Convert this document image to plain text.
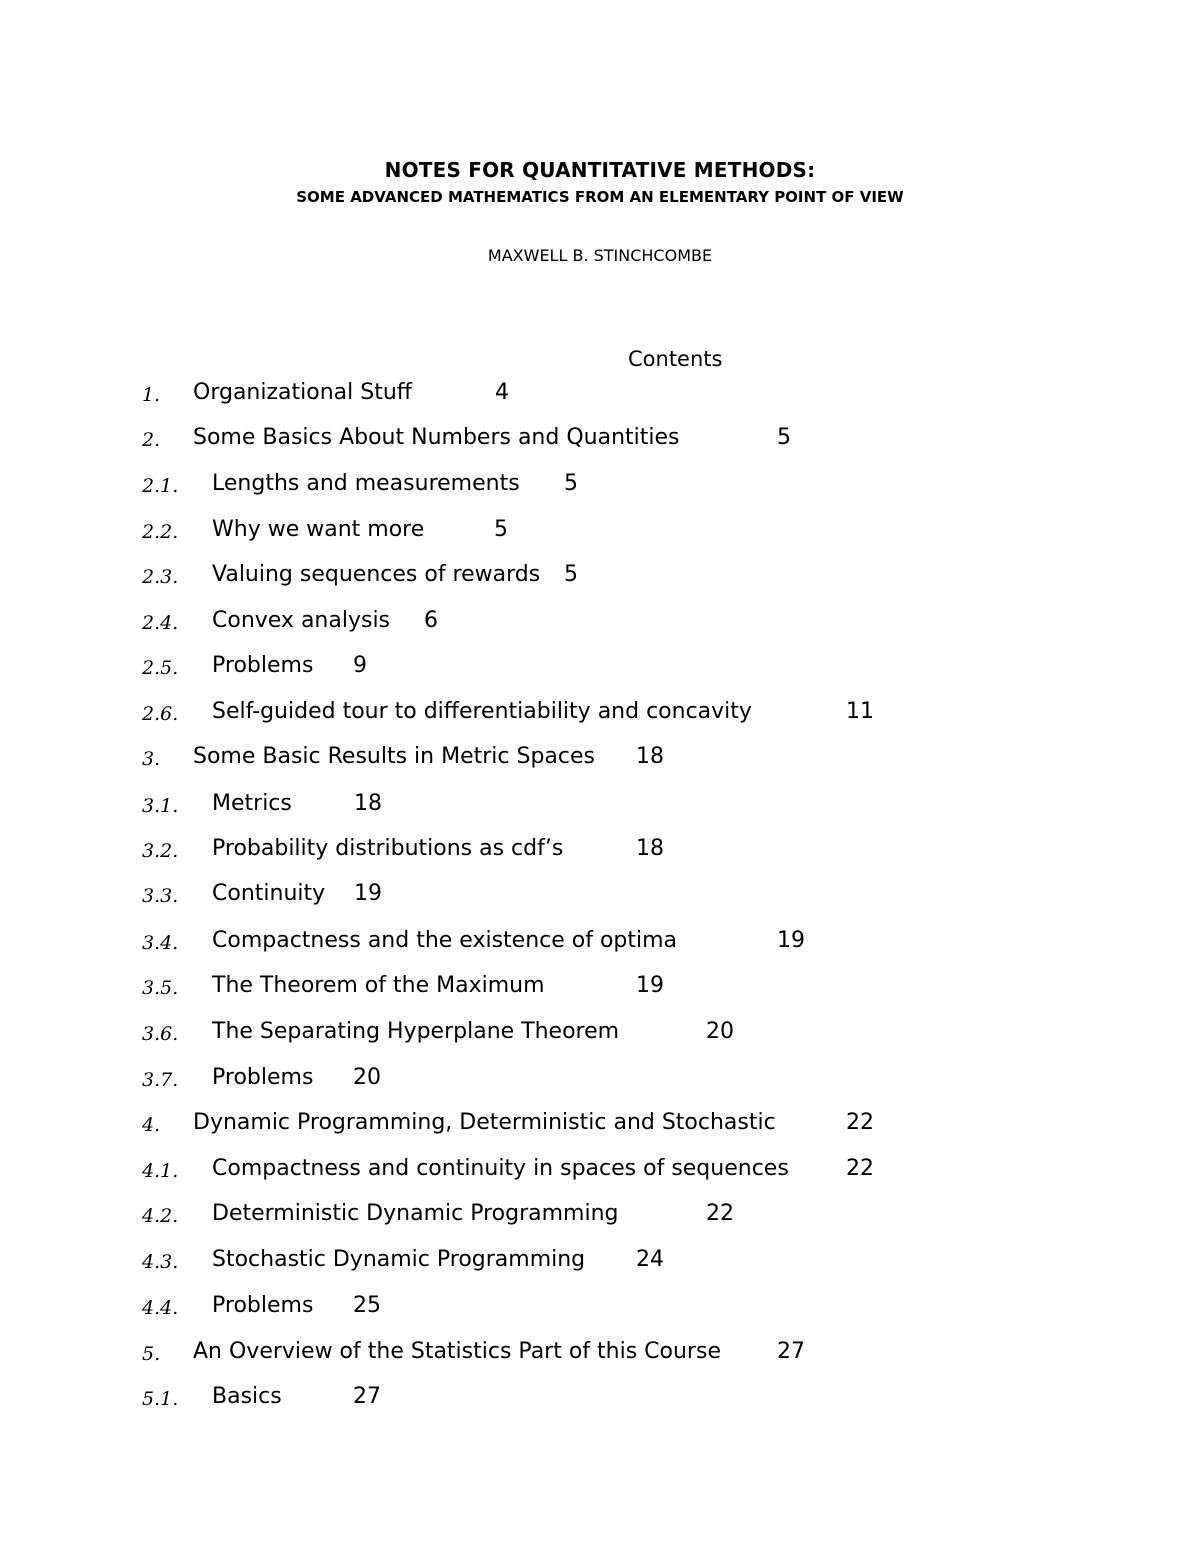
NOTES FOR QUANTITATIVE METHODS:
SOME ADVANCED MATHEMATICS FROM AN ELEMENTARY POINT OF VIEW
MAXWELL B. STINCHCOMBE
Contents
1. Organizational Stuff	4
2. Some Basics About Numbers and Quantities	5
2.1. Lengths and measurements 5
2.2. Why we want more	5
2.3. Valuing sequences of rewards 5
2.4. Convex analysis 6
2.5. Problems 9
2.6. Self-guided tour to differentiability and concavity	11
3. Some Basic Results in Metric Spaces 18
3.1. Metrics	18
3.2. Probability distributions as cdf’s	18
3.3. Continuity 19
3.4. Compactness and the existence of optima	19
3.5. The Theorem of the Maximum	19
3.6. The Separating Hyperplane Theorem	20
3.7. Problems 20
4. Dynamic Programming, Deterministic and Stochastic	22
4.1. Compactness and continuity in spaces of sequences	22
4.2. Deterministic Dynamic Programming	22
4.3. Stochastic Dynamic Programming 24
4.4. Problems 25
5. An Overview of the Statistics Part of this Course	27
5.1. Basics	27
